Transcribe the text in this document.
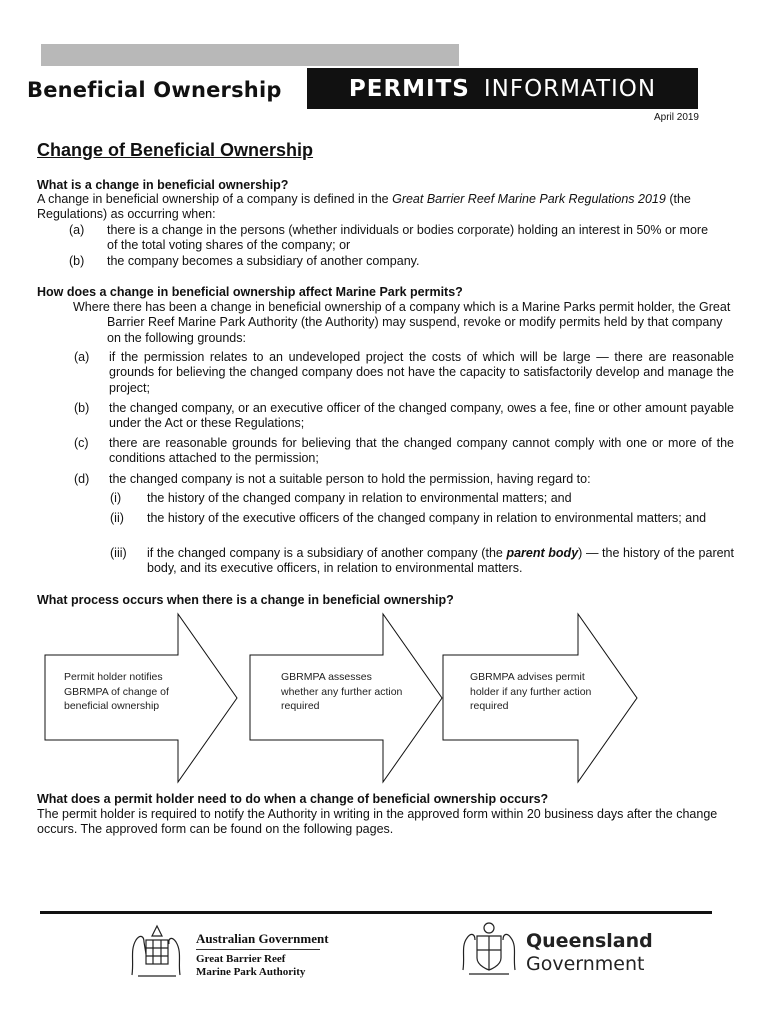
Beneficial Ownership	PERMITS INFORMATION
April 2019
Change of Beneficial Ownership
What is a change in beneficial ownership?
A change in beneficial ownership of a company is defined in the Great Barrier Reef Marine Park Regulations 2019 (the Regulations) as occurring when:
(a) there is a change in the persons (whether individuals or bodies corporate) holding an interest in 50% or more of the total voting shares of the company; or
(b) the company becomes a subsidiary of another company.
How does a change in beneficial ownership affect Marine Park permits?
Where there has been a change in beneficial ownership of a company which is a Marine Parks permit holder, the Great Barrier Reef Marine Park Authority (the Authority) may suspend, revoke or modify permits held by that company on the following grounds:
(a) if the permission relates to an undeveloped project the costs of which will be large — there are reasonable grounds for believing the changed company does not have the capacity to satisfactorily develop and manage the project;
(b) the changed company, or an executive officer of the changed company, owes a fee, fine or other amount payable under the Act or these Regulations;
(c) there are reasonable grounds for believing that the changed company cannot comply with one or more of the conditions attached to the permission;
(d) the changed company is not a suitable person to hold the permission, having regard to:
(i) the history of the changed company in relation to environmental matters; and
(ii) the history of the executive officers of the changed company in relation to environmental matters; and
(iii) if the changed company is a subsidiary of another company (the parent body) — the history of the parent body, and its executive officers, in relation to environmental matters.
What process occurs when there is a change in beneficial ownership?
Permit holder notifies GBRMPA of change of beneficial ownership
GBRMPA assesses whether any further action required
GBRMPA advises permit holder if any further action required
What does a permit holder need to do when a change of beneficial ownership occurs?
The permit holder is required to notify the Authority in writing in the approved form within 20 business days after the change occurs. The approved form can be found on the following pages.
Australian Government
Great Barrier Reef
Marine Park Authority
Queensland
Government
